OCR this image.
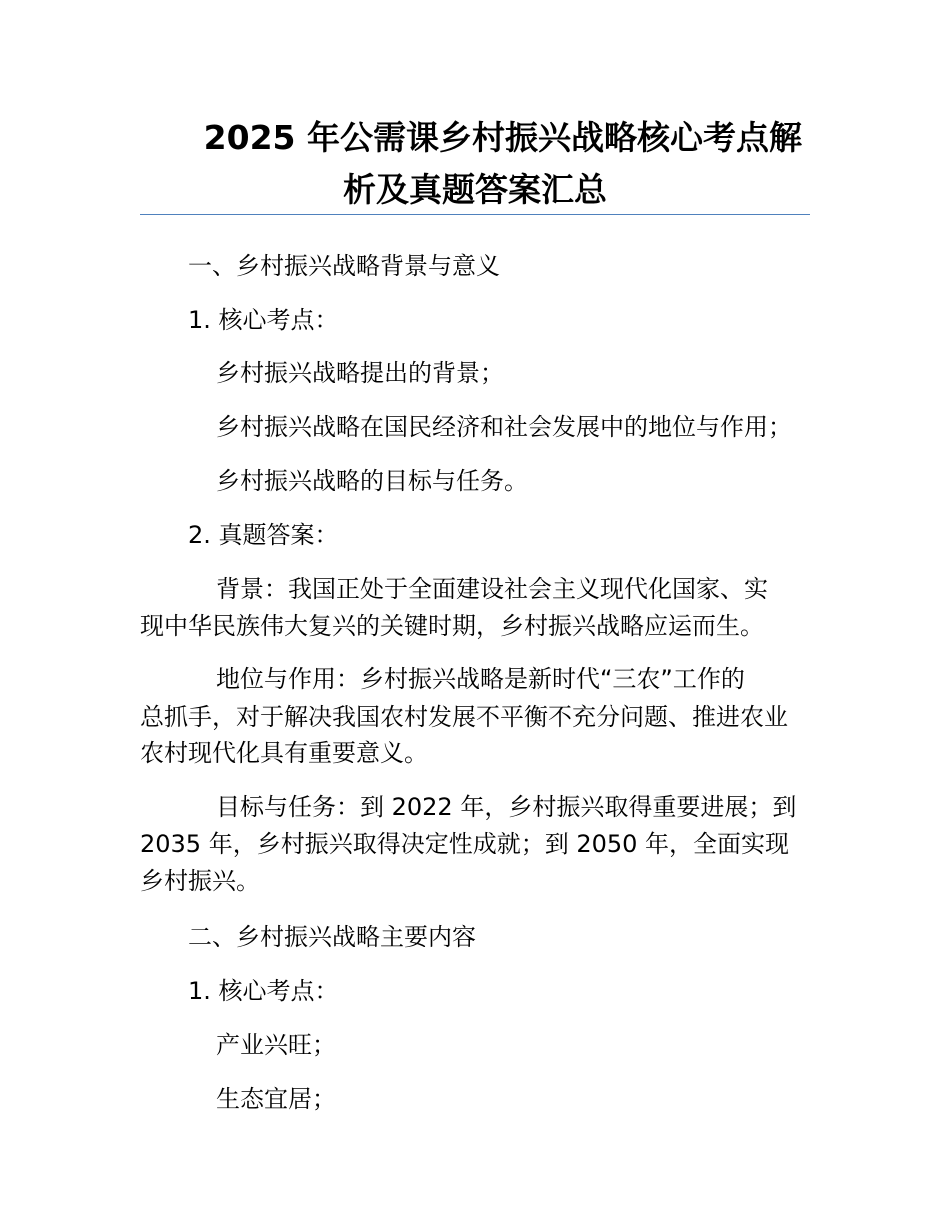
2025 年公需课乡村振兴战略核心考点解
析及真题答案汇总
一、乡村振兴战略背景与意义
1. 核心考点：
乡村振兴战略提出的背景；
乡村振兴战略在国民经济和社会发展中的地位与作用；
乡村振兴战略的目标与任务。
2. 真题答案：
背景：我国正处于全面建设社会主义现代化国家、实
现中华民族伟大复兴的关键时期，乡村振兴战略应运而生。
地位与作用：乡村振兴战略是新时代“三农”工作的
总抓手，对于解决我国农村发展不平衡不充分问题、推进农业
农村现代化具有重要意义。
目标与任务：到 2022 年，乡村振兴取得重要进展；到
2035 年，乡村振兴取得决定性成就；到 2050 年，全面实现
乡村振兴。
二、乡村振兴战略主要内容
1. 核心考点：
产业兴旺；
生态宜居；
